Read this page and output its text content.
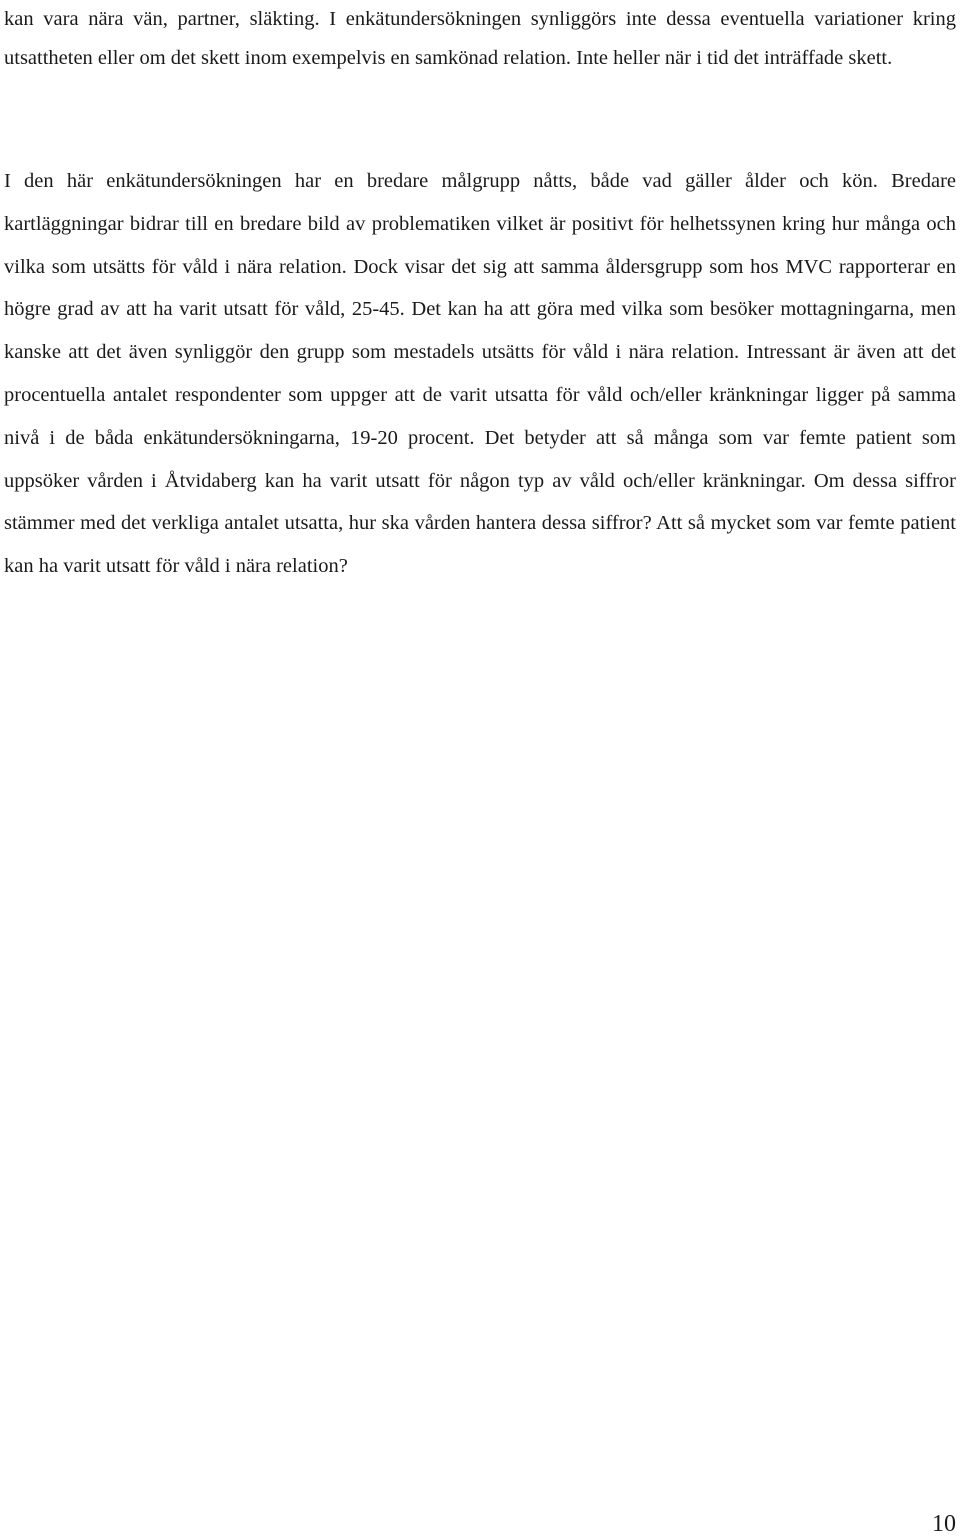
kan vara nära vän, partner, släkting. I enkätundersökningen synliggörs inte dessa eventuella variationer kring utsattheten eller om det skett inom exempelvis en samkönad relation. Inte heller när i tid det inträffade skett.

I den här enkätundersökningen har en bredare målgrupp nåtts, både vad gäller ålder och kön. Bredare kartläggningar bidrar till en bredare bild av problematiken vilket är positivt för helhetssynen kring hur många och vilka som utsätts för våld i nära relation. Dock visar det sig att samma åldersgrupp som hos MVC rapporterar en högre grad av att ha varit utsatt för våld, 25-45. Det kan ha att göra med vilka som besöker mottagningarna, men kanske att det även synliggör den grupp som mestadels utsätts för våld i nära relation. Intressant är även att det procentuella antalet respondenter som uppger att de varit utsatta för våld och/eller kränkningar ligger på samma nivå i de båda enkätundersökningarna, 19-20 procent. Det betyder att så många som var femte patient som uppsöker vården i Åtvidaberg kan ha varit utsatt för någon typ av våld och/eller kränkningar. Om dessa siffror stämmer med det verkliga antalet utsatta, hur ska vården hantera dessa siffror? Att så mycket som var femte patient kan ha varit utsatt för våld i nära relation?

10
